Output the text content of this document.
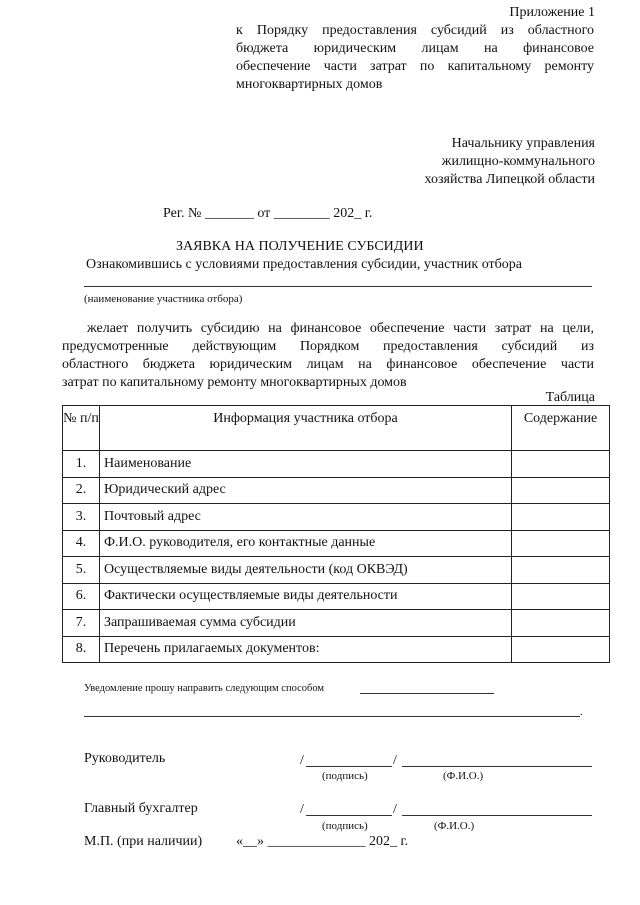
Приложение 1
к Порядку предоставления субсидий из областного
бюджета юридическим лицам на финансовое
обеспечение части затрат по капитальному ремонту
многоквартирных домов
Начальнику управления
жилищно-коммунального
хозяйства Липецкой области
Рег. № _______ от ________ 202_ г.
ЗАЯВКА НА ПОЛУЧЕНИЕ СУБСИДИИ
Ознакомившись с условиями предоставления субсидии, участник отбора
(наименование участника отбора)
желает получить субсидию на финансовое обеспечение части затрат на цели,
предусмотренные действующим Порядком предоставления субсидий из
областного бюджета юридическим лицам на финансовое обеспечение части
затрат по капитальному ремонту многоквартирных домов
Таблица
№ п/п	Информация участника отбора	Содержание
1.	Наименование	
2.	Юридический адрес	
3.	Почтовый адрес	
4.	Ф.И.О. руководителя, его контактные данные	
5.	Осуществляемые виды деятельности (код ОКВЭД)	
6.	Фактически осуществляемые виды деятельности	
7.	Запрашиваемая сумма субсидии	
8.	Перечень прилагаемых документов:	
Уведомление прошу направить следующим способом
.
Руководитель	/	/
(подпись)	(Ф.И.О.)
Главный бухгалтер	/	/
(подпись)	(Ф.И.О.)
М.П. (при наличии) «__» ______________ 202_ г.
